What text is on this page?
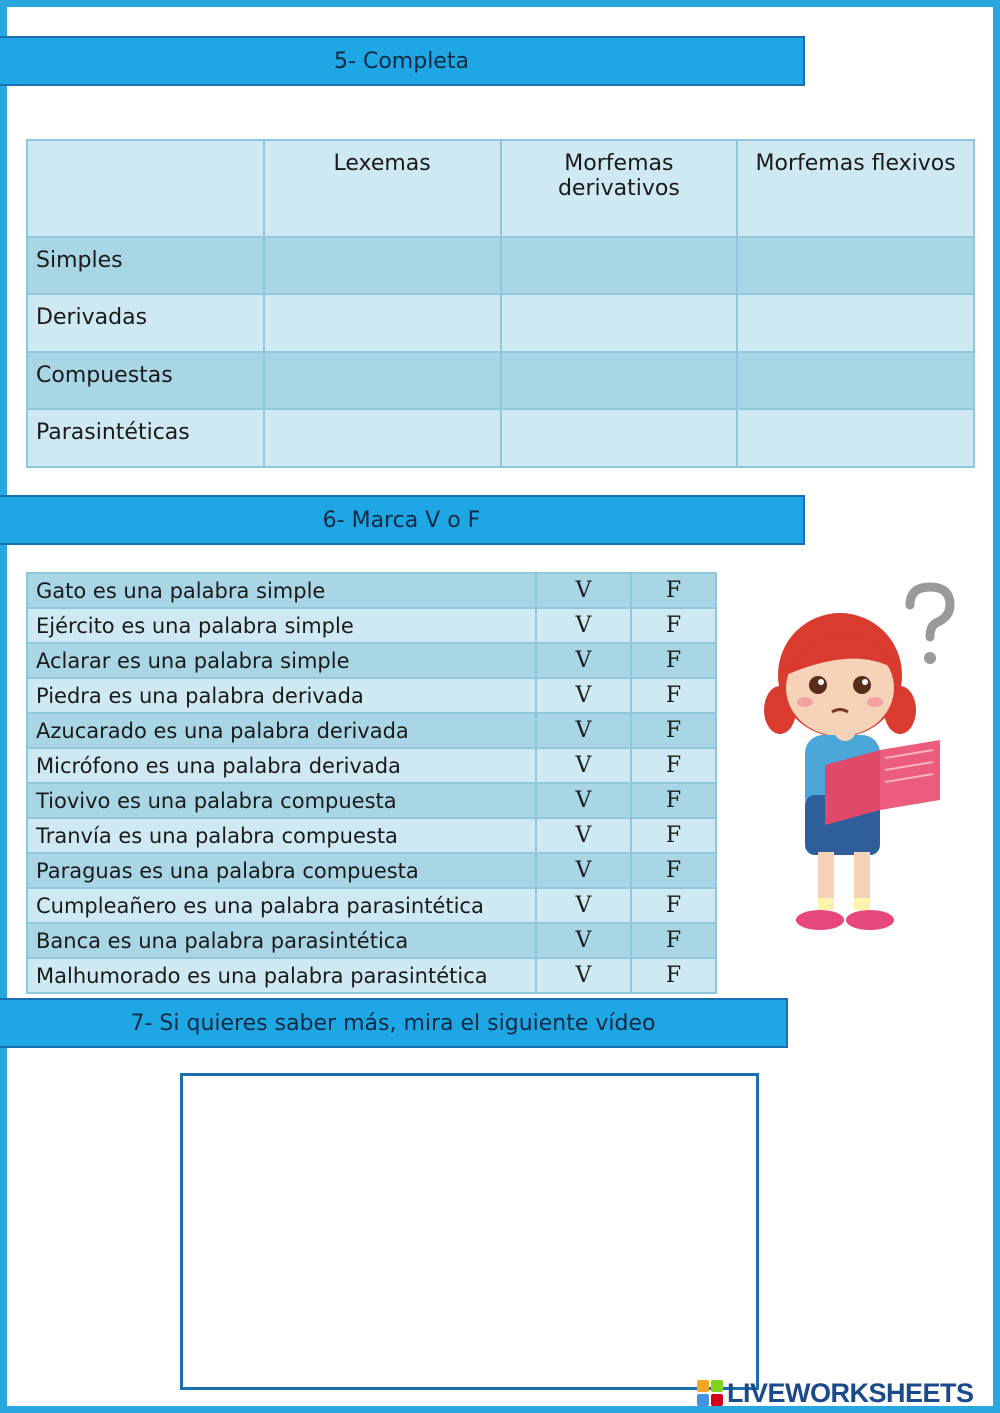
5- Completa
	Lexemas	Morfemas derivativos	Morfemas flexivos
Simples			
Derivadas			
Compuestas			
Parasintéticas			
6- Marca V o F
Gato es una palabra simple	V	F
Ejército es una palabra simple	V	F
Aclarar es una palabra simple	V	F
Piedra es una palabra derivada	V	F
Azucarado es una palabra derivada	V	F
Micrófono es una palabra derivada	V	F
Tiovivo es una palabra compuesta	V	F
Tranvía es una palabra compuesta	V	F
Paraguas es una palabra compuesta	V	F
Cumpleañero es una palabra parasintética	V	F
Banca es una palabra parasintética	V	F
Malhumorado es una palabra parasintética	V	F
7- Si quieres saber más, mira el siguiente vídeo
LIVEWORKSHEETS
